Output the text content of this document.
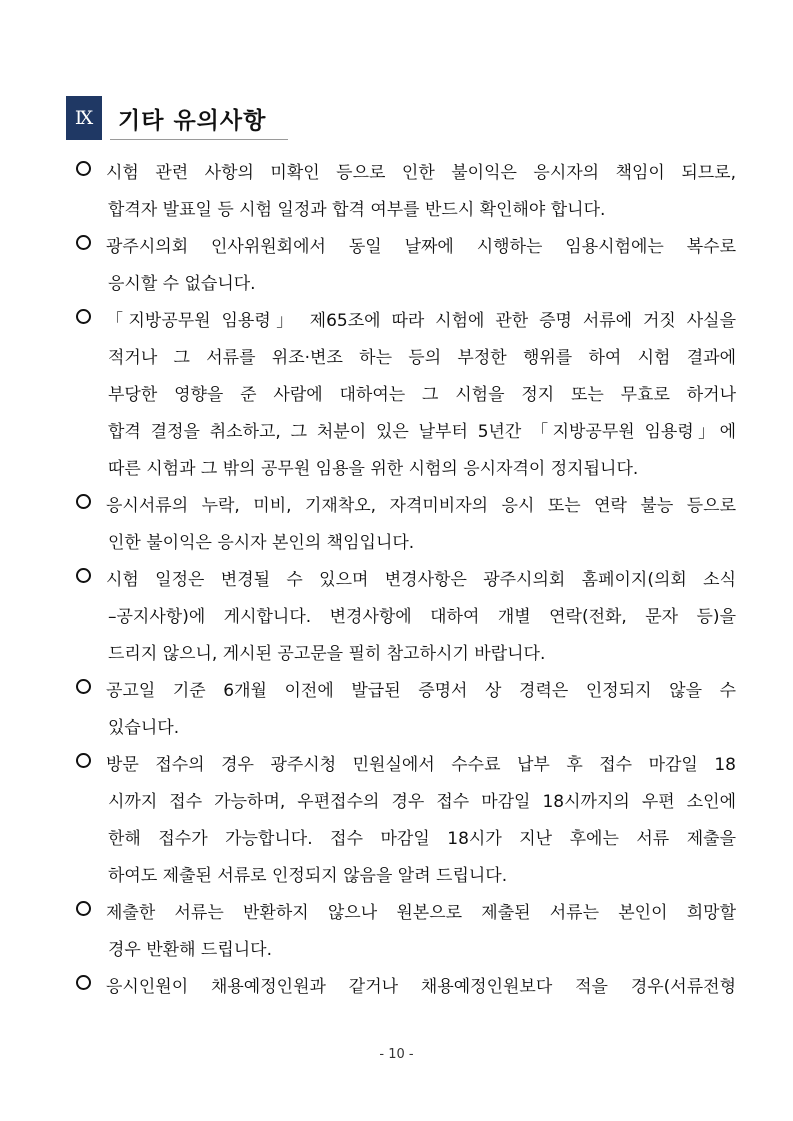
Ⅸ	기타 유의사항
시험 관련 사항의 미확인 등으로 인한 불이익은 응시자의 책임이 되므로,
합격자 발표일 등 시험 일정과 합격 여부를 반드시 확인해야 합니다.
광주시의회 인사위원회에서 동일 날짜에 시행하는 임용시험에는 복수로
응시할 수 없습니다.
「지방공무원 임용령」 제65조에 따라 시험에 관한 증명 서류에 거짓 사실을
적거나 그 서류를 위조·변조 하는 등의 부정한 행위를 하여 시험 결과에
부당한 영향을 준 사람에 대하여는 그 시험을 정지 또는 무효로 하거나
합격 결정을 취소하고, 그 처분이 있은 날부터 5년간 「지방공무원 임용령」에
따른 시험과 그 밖의 공무원 임용을 위한 시험의 응시자격이 정지됩니다.
응시서류의 누락, 미비, 기재착오, 자격미비자의 응시 또는 연락 불능 등으로
인한 불이익은 응시자 본인의 책임입니다.
시험 일정은 변경될 수 있으며 변경사항은 광주시의회 홈페이지(의회 소식
–공지사항)에 게시합니다. 변경사항에 대하여 개별 연락(전화, 문자 등)을
드리지 않으니, 게시된 공고문을 필히 참고하시기 바랍니다.
공고일 기준 6개월 이전에 발급된 증명서 상 경력은 인정되지 않을 수
있습니다.
방문 접수의 경우 광주시청 민원실에서 수수료 납부 후 접수 마감일 18
시까지 접수 가능하며, 우편접수의 경우 접수 마감일 18시까지의 우편 소인에
한해 접수가 가능합니다. 접수 마감일 18시가 지난 후에는 서류 제출을
하여도 제출된 서류로 인정되지 않음을 알려 드립니다.
제출한 서류는 반환하지 않으나 원본으로 제출된 서류는 본인이 희망할
경우 반환해 드립니다.
응시인원이 채용예정인원과 같거나 채용예정인원보다 적을 경우(서류전형
- 10 -
